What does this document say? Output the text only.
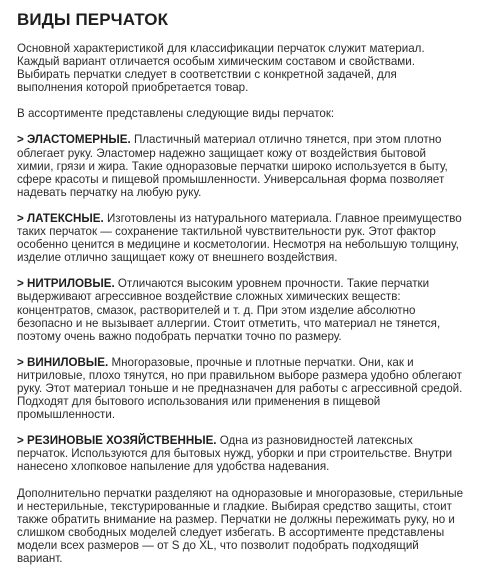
ВИДЫ ПЕРЧАТОК

Основной характеристикой для классификации перчаток служит материал. Каждый вариант отличается особым химическим составом и свойствами. Выбирать перчатки следует в соответствии с конкретной задачей, для выполнения которой приобретается товар.

В ассортименте представлены следующие виды перчаток:

> ЭЛАСТОМЕРНЫЕ. Пластичный материал отлично тянется, при этом плотно облегает руку. Эластомер надежно защищает кожу от воздействия бытовой химии, грязи и жира. Такие одноразовые перчатки широко используется в быту, сфере красоты и пищевой промышленности. Универсальная форма позволяет надевать перчатку на любую руку.

> ЛАТЕКСНЫЕ. Изготовлены из натурального материала. Главное преимущество таких перчаток — сохранение тактильной чувствительности рук. Этот фактор особенно ценится в медицине и косметологии. Несмотря на небольшую толщину, изделие отлично защищает кожу от внешнего воздействия.

> НИТРИЛОВЫЕ. Отличаются высоким уровнем прочности. Такие перчатки выдерживают агрессивное воздействие сложных химических веществ: концентратов, смазок, растворителей и т. д. При этом изделие абсолютно безопасно и не вызывает аллергии. Стоит отметить, что материал не тянется, поэтому очень важно подобрать перчатки точно по размеру.

> ВИНИЛОВЫЕ. Многоразовые, прочные и плотные перчатки. Они, как и нитриловые, плохо тянутся, но при правильном выборе размера удобно облегают руку. Этот материал тоньше и не предназначен для работы с агрессивной средой. Подходят для бытового использования или применения в пищевой промышленности.

> РЕЗИНОВЫЕ ХОЗЯЙСТВЕННЫЕ. Одна из разновидностей латексных перчаток. Используются для бытовых нужд, уборки и при строительстве. Внутри нанесено хлопковое напыление для удобства надевания.

Дополнительно перчатки разделяют на одноразовые и многоразовые, стерильные и нестерильные, текстурированные и гладкие. Выбирая средство защиты, стоит также обратить внимание на размер. Перчатки не должны пережимать руку, но и слишком свободных моделей следует избегать. В ассортименте представлены модели всех размеров — от S до XL, что позволит подобрать подходящий вариант.
